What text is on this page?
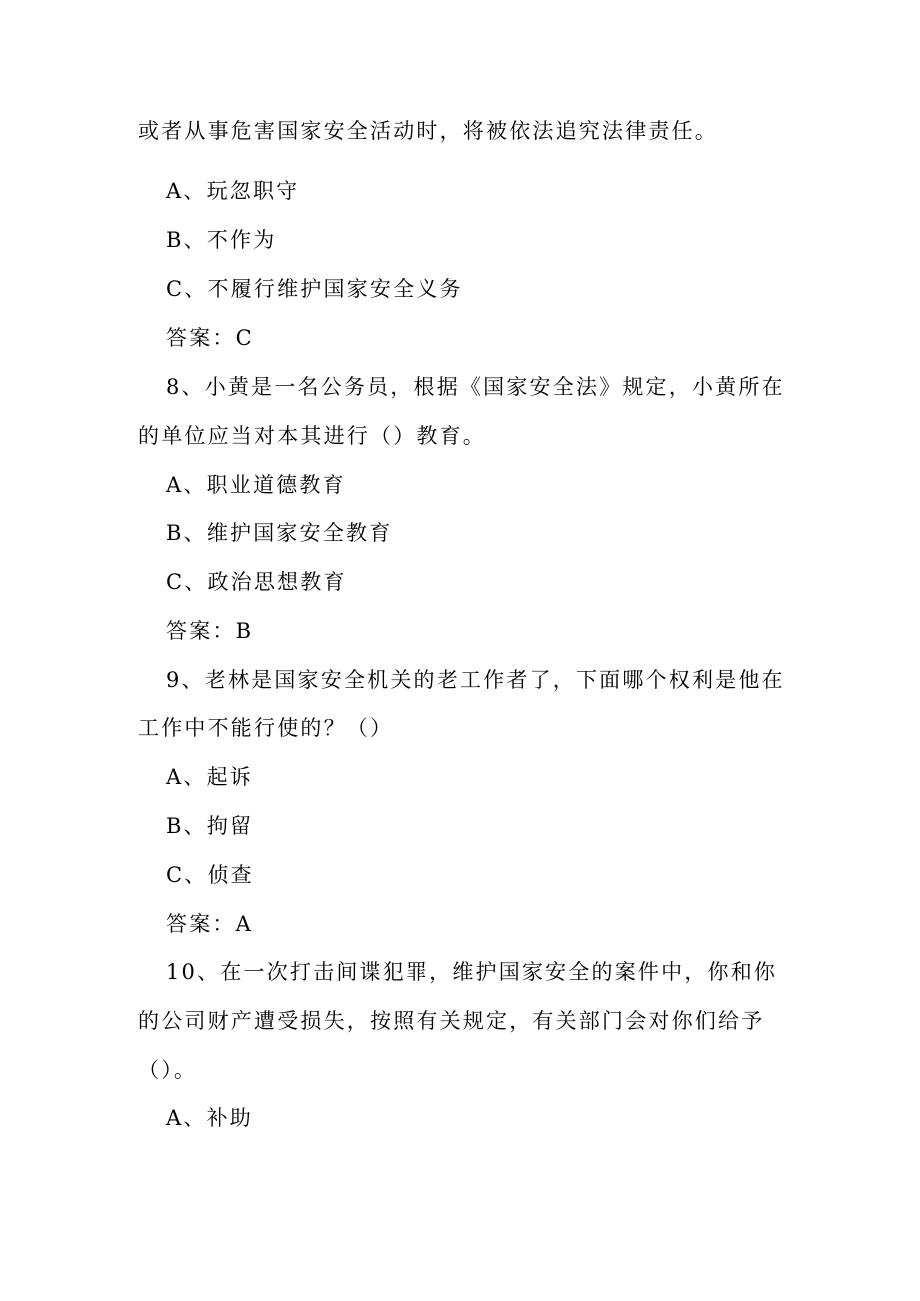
或者从事危害国家安全活动时，将被依法追究法律责任。
A、玩忽职守
B、不作为
C、不履行维护国家安全义务
答案：C
8、小黄是一名公务员，根据《国家安全法》规定，小黄所在
的单位应当对本其进行（）教育。
A、职业道德教育
B、维护国家安全教育
C、政治思想教育
答案：B
9、老林是国家安全机关的老工作者了，下面哪个权利是他在
工作中不能行使的？（）
A、起诉
B、拘留
C、侦查
答案：A
10、在一次打击间谍犯罪，维护国家安全的案件中，你和你
的公司财产遭受损失，按照有关规定，有关部门会对你们给予
（）。
A、补助
